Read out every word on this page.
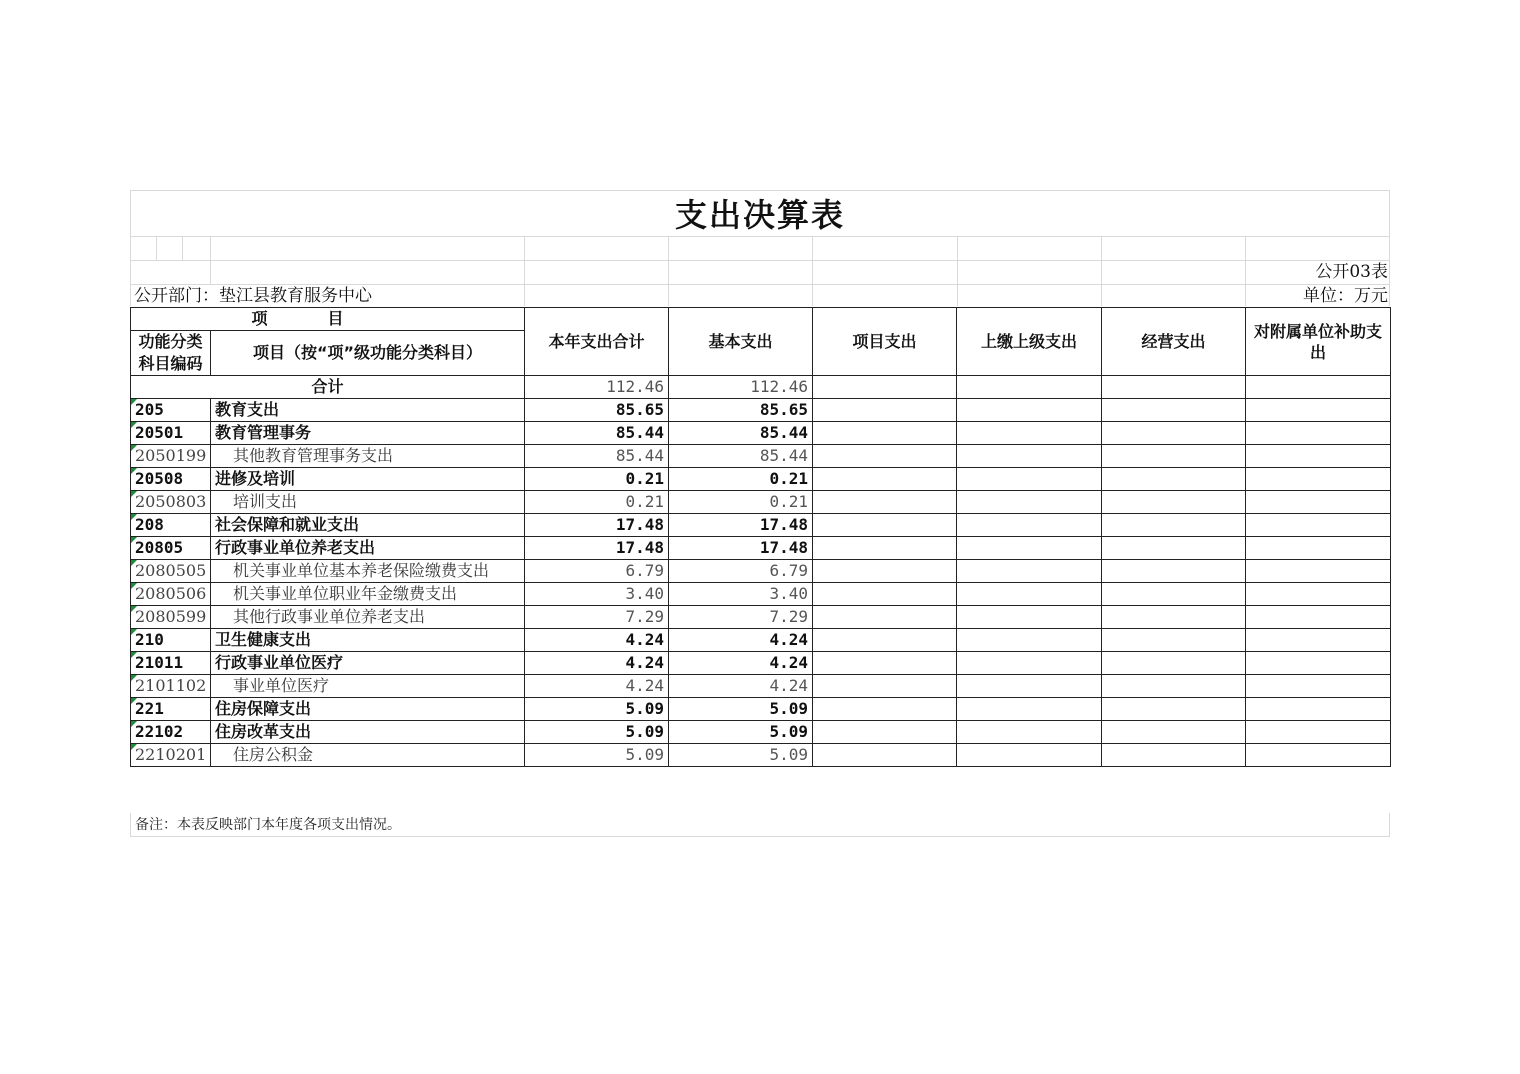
支出决算表
公开03表
公开部门：垫江县教育服务中心	单位：万元
项目		本年支出合计	基本支出	项目支出	上缴上级支出	经营支出	对附属单位补助支出
功能分类科目编码	项目（按“项”级功能分类科目）						
合计		112.46	112.46				
205	教育支出	85.65	85.65				
20501	教育管理事务	85.44	85.44				
2050199	其他教育管理事务支出	85.44	85.44				
20508	进修及培训	0.21	0.21				
2050803	培训支出	0.21	0.21				
208	社会保障和就业支出	17.48	17.48				
20805	行政事业单位养老支出	17.48	17.48				
2080505	机关事业单位基本养老保险缴费支出	6.79	6.79				
2080506	机关事业单位职业年金缴费支出	3.40	3.40				
2080599	其他行政事业单位养老支出	7.29	7.29				
210	卫生健康支出	4.24	4.24				
21011	行政事业单位医疗	4.24	4.24				
2101102	事业单位医疗	4.24	4.24				
221	住房保障支出	5.09	5.09				
22102	住房改革支出	5.09	5.09				
2210201	住房公积金	5.09	5.09				
备注：本表反映部门本年度各项支出情况。
